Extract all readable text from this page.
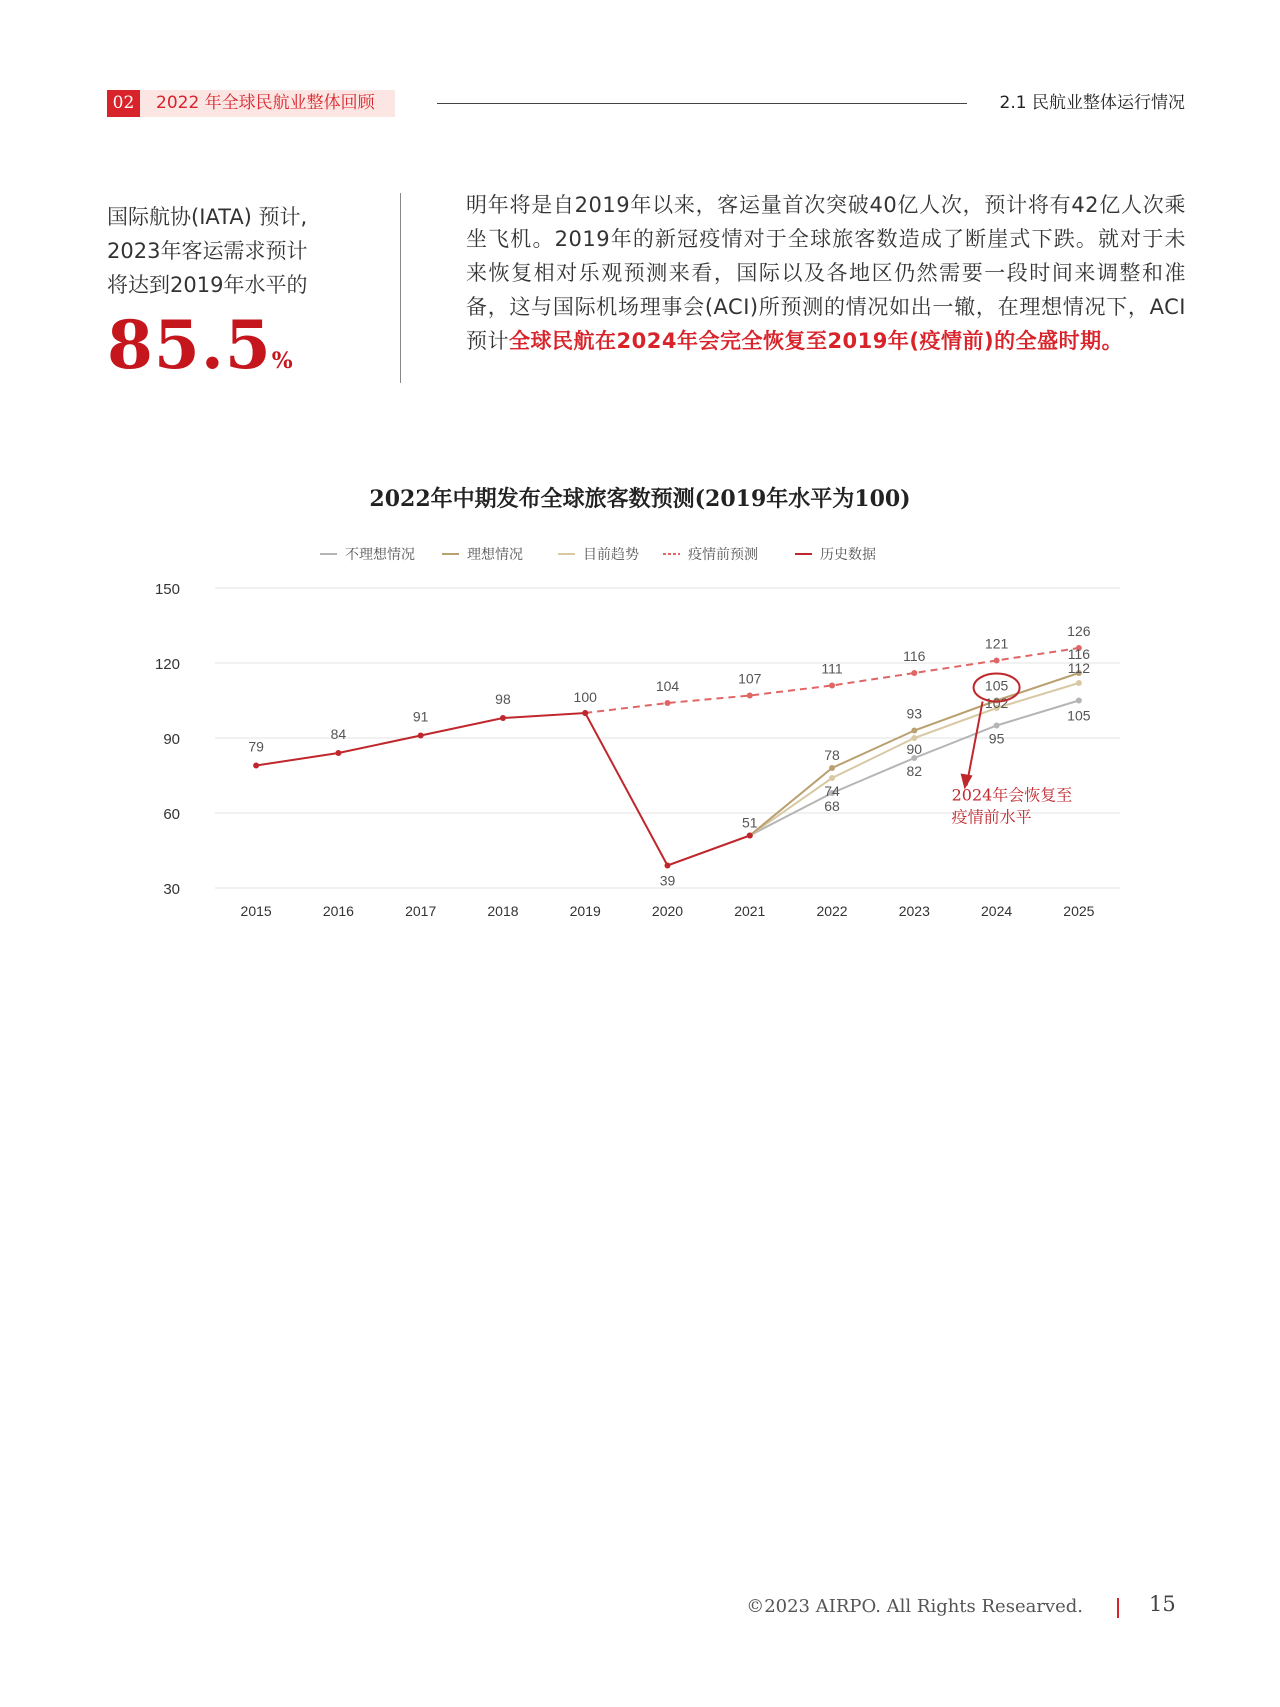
02	2022 年全球民航业整体回顾	2.1 民航业整体运行情况
国际航协(IATA) 预计,
2023年客运需求预计
将达到2019年水平的
85.5%
明年将是自2019年以来，客运量首次突破40亿人次，预计将有42亿人次乘坐飞机。2019年的新冠疫情对于全球旅客数造成了断崖式下跌。就对于未来恢复相对乐观预测来看，国际以及各地区仍然需要一段时间来调整和准备，这与国际机场理事会(ACI)所预测的情况如出一辙，在理想情况下，ACI预计全球民航在2024年会完全恢复至2019年(疫情前)的全盛时期。
2022年中期发布全球旅客数预测(2019年水平为100)
不理想情况	理想情况	目前趋势	疫情前预测	历史数据
150
120
90
60
30
2015	2016	2017	2018	2019	2020	2021	2022	2023	2024	2025
68
82
95
105
78
93
105
116
74
90
102
112
104	107
111
116
121
126
79
84
91
98	100
39
51
2024年会恢复至
疫情前水平
©2023 AIRPO. All Rights Researved.	15
